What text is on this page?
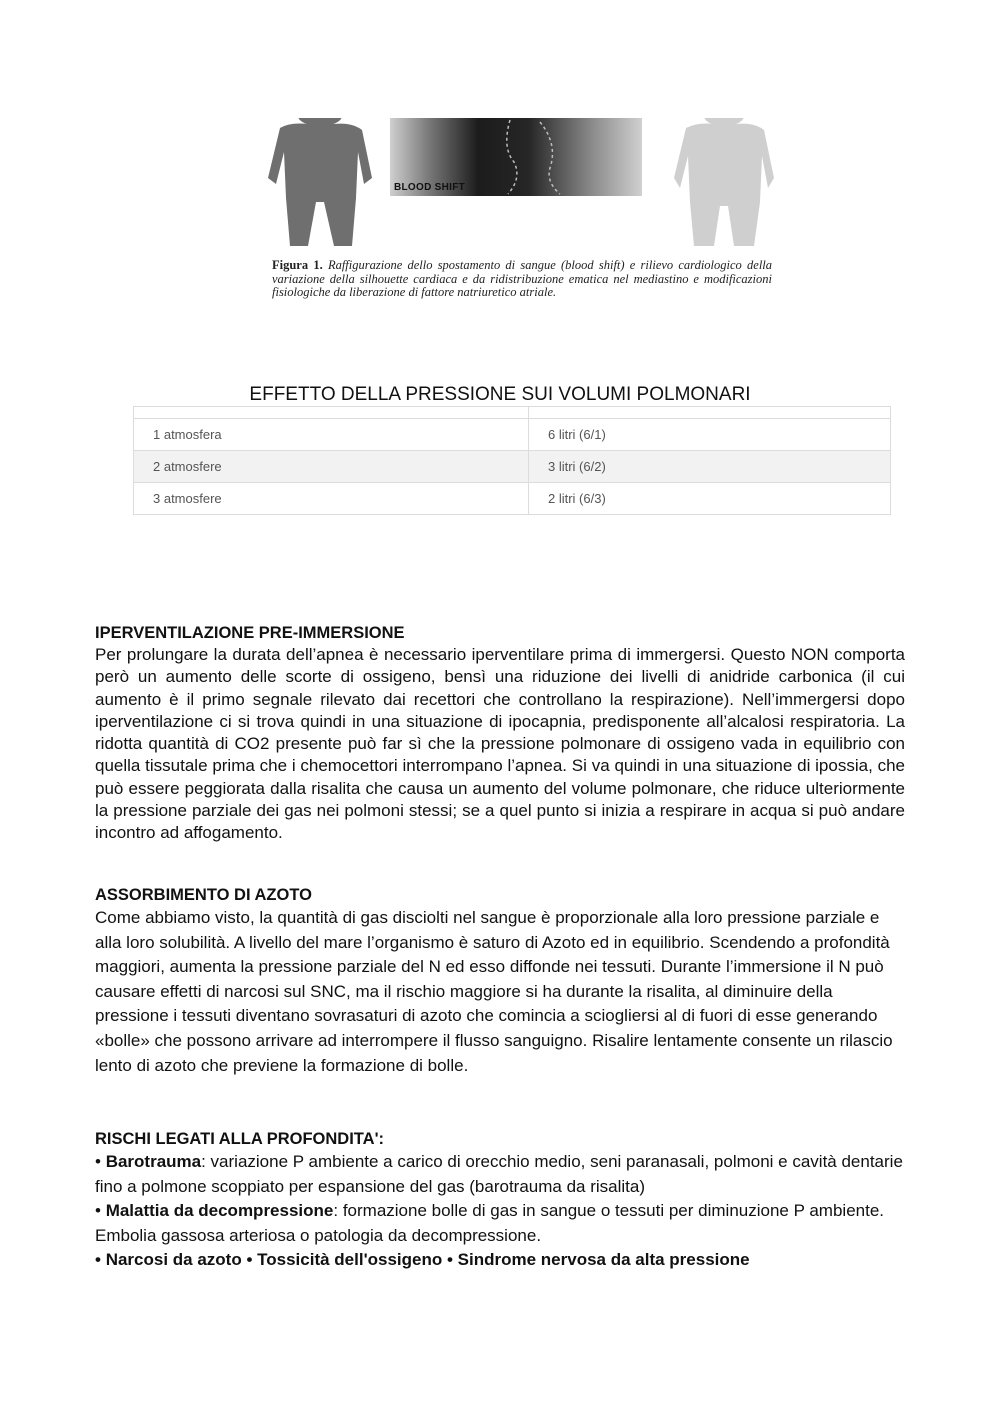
BLOOD SHIFT
Figura 1. Raffigurazione dello spostamento di sangue (blood shift) e rilievo cardiologico della variazione della silhouette cardiaca e da ridistribuzione ematica nel mediastino e modificazioni fisiologiche da liberazione di fattore natriuretico atriale.
EFFETTO DELLA PRESSIONE SUI VOLUMI POLMONARI

1 atmosfera	6 litri (6/1)
2 atmosfere	3 litri (6/2)
3 atmosfere	2 litri (6/3)
IPERVENTILAZIONE PRE-IMMERSIONE
Per prolungare la durata dell’apnea è necessario iperventilare prima di immergersi. Questo NON comporta però un aumento delle scorte di ossigeno, bensì una riduzione dei livelli di anidride carbonica (il cui aumento è il primo segnale rilevato dai recettori che controllano la respirazione). Nell’immergersi dopo iperventilazione ci si trova quindi in una situazione di ipocapnia, predisponente all’alcalosi respiratoria. La ridotta quantità di CO2 presente può far sì che la pressione polmonare di ossigeno vada in equilibrio con quella tissutale prima che i chemocettori interrompano l’apnea. Si va quindi in una situazione di ipossia, che può essere peggiorata dalla risalita che causa un aumento del volume polmonare, che riduce ulteriormente la pressione parziale dei gas nei polmoni stessi; se a quel punto si inizia a respirare in acqua si può andare incontro ad affogamento.
ASSORBIMENTO DI AZOTO
Come abbiamo visto, la quantità di gas disciolti nel sangue è proporzionale alla loro pressione parziale e alla loro solubilità. A livello del mare l’organismo è saturo di Azoto ed in equilibrio. Scendendo a profondità maggiori, aumenta la pressione parziale del N ed esso diffonde nei tessuti. Durante l’immersione il N può causare effetti di narcosi sul SNC, ma il rischio maggiore si ha durante la risalita, al diminuire della pressione i tessuti diventano sovrasaturi di azoto che comincia a sciogliersi al di fuori di esse generando «bolle» che possono arrivare ad interrompere il flusso sanguigno. Risalire lentamente consente un rilascio lento di azoto che previene la formazione di bolle.
RISCHI LEGATI ALLA PROFONDITA':
• Barotrauma: variazione P ambiente a carico di orecchio medio, seni paranasali, polmoni e cavità dentarie fino a polmone scoppiato per espansione del gas (barotrauma da risalita)
• Malattia da decompressione: formazione bolle di gas in sangue o tessuti per diminuzione P ambiente. Embolia gassosa arteriosa o patologia da decompressione.
• Narcosi da azoto • Tossicità dell'ossigeno • Sindrome nervosa da alta pressione
